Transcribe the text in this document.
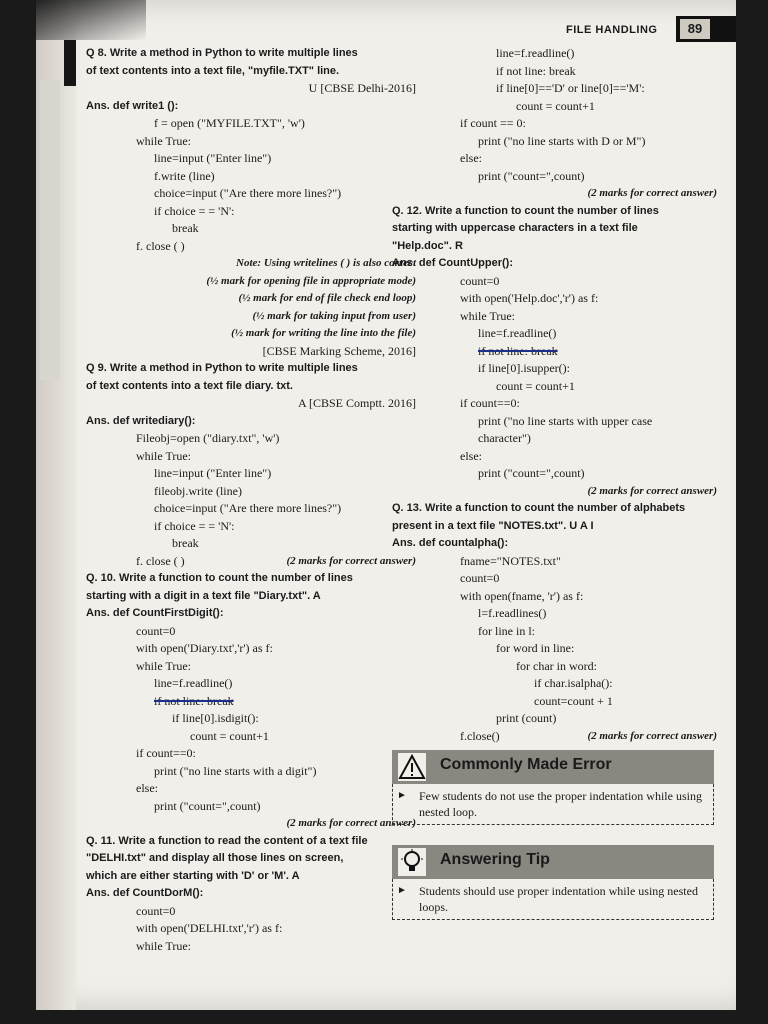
FILE HANDLING	89
Q 8. Write a method in Python to write multiple lines
of text contents into a text file, "myfile.TXT" line.
U [CBSE Delhi-2016]
Ans. def write1 ():
f = open ("MYFILE.TXT", 'w')
while True:
line=input ("Enter line")
f.write (line)
choice=input ("Are there more lines?")
if choice = = 'N':
break
f. close ( )
Note: Using writelines ( ) is also correct
(½ mark for opening file in appropriate mode)
(½ mark for end of file check end loop)
(½ mark for taking input from user)
(½ mark for writing the line into the file)
[CBSE Marking Scheme, 2016]
Q 9. Write a method in Python to write multiple lines
of text contents into a text file diary. txt.
A [CBSE Comptt. 2016]
Ans. def writediary():
Fileobj=open ("diary.txt", 'w')
while True:
line=input ("Enter line")
fileobj.write (line)
choice=input ("Are there more lines?")
if choice = = 'N':
break
f. close ( )	(2 marks for correct answer)
Q. 10. Write a function to count the number of lines
starting with a digit in a text file "Diary.txt". A
Ans. def CountFirstDigit():
count=0
with open('Diary.txt','r') as f:
while True:
line=f.readline()
if not line: break
if line[0].isdigit():
count = count+1
if count==0:
print ("no line starts with a digit")
else:
print ("count=",count)
(2 marks for correct answer)
Q. 11. Write a function to read the content of a text file
"DELHI.txt" and display all those lines on screen,
which are either starting with 'D' or 'M'. A
Ans. def CountDorM():
count=0
with open('DELHI.txt','r') as f:
while True:
line=f.readline()
if not line: break
if line[0]=='D' or line[0]=='M':
count = count+1
if count == 0:
print ("no line starts with D or M")
else:
print ("count=",count)
(2 marks for correct answer)
Q. 12. Write a function to count the number of lines
starting with uppercase characters in a text file
"Help.doc". R
Ans. def CountUpper():
count=0
with open('Help.doc','r') as f:
while True:
line=f.readline()
if not line: break
if line[0].isupper():
count = count+1
if count==0:
print ("no line starts with upper case
character")
else:
print ("count=",count)
(2 marks for correct answer)
Q. 13. Write a function to count the number of alphabets
present in a text file "NOTES.txt". U A I
Ans. def countalpha():
fname="NOTES.txt"
count=0
with open(fname, 'r') as f:
l=f.readlines()
for line in l:
for word in line:
for char in word:
if char.isalpha():
count=count + 1
print (count)
f.close()	(2 marks for correct answer)
Commonly Made Error
►	Few students do not use the proper indentation while using nested loop.
Answering Tip
►	Students should use proper indentation while using nested loops.
